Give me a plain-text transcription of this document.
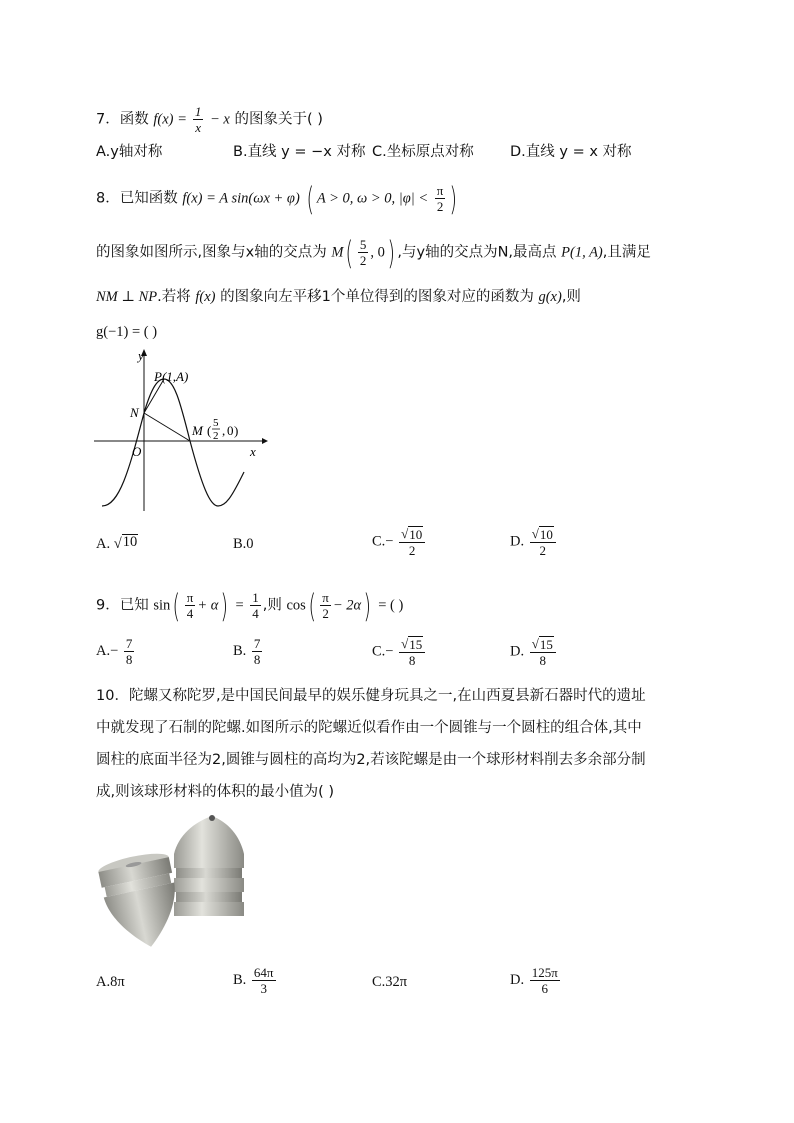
7．函数 $f(x) = \frac{1}{x} - x$ 的图象关于( )
A.y轴对称	B.直线 y = −x 对称 C.坐标原点对称	D.直线 y = x 对称
8．已知函数 f(x) = A sin(ωx + φ) ( A > 0, ω > 0, $|\varphi| < \frac{\pi}{2}$ )
的图象如图所示,图象与x轴的交点为 $M( \frac{5}{2}$ , 0) ,与y轴的交点为N,最高点 P(1, A),且满足
NM ⊥ NP.若将 f(x) 的图象向左平移1个单位得到的图象对应的函数为 g(x),则
g(−1) = ( )
y
x
P(1,A)
N
O
M ( 5
2 , 0 )
A. √ 10	B.0	$C.- \frac{√ 10}{2}$	D. $\frac{√ 10}{2}$
9．已知 $\sin( \frac{\pi}{4} + \alpha) = \frac{1}{4}$ ,则 $\cos( \frac{\pi}{2} - 2\alpha)$ = ( )
$A.- \frac{7}{8}$	B. $\frac{7}{8}$	$C.- \frac{√ 15}{8}$	D. $\frac{√ 15}{8}$
10．陀螺又称陀罗,是中国民间最早的娱乐健身玩具之一,在山西夏县新石器时代的遗址
中就发现了石制的陀螺.如图所示的陀螺近似看作由一个圆锥与一个圆柱的组合体,其中
圆柱的底面半径为2,圆锥与圆柱的高均为2,若该陀螺是由一个球形材料削去多余部分制
成,则该球形材料的体积的最小值为( )
A.8π	B. $\frac{64\pi}{3}$	C.32π	D. $\frac{125\pi}{6}$
